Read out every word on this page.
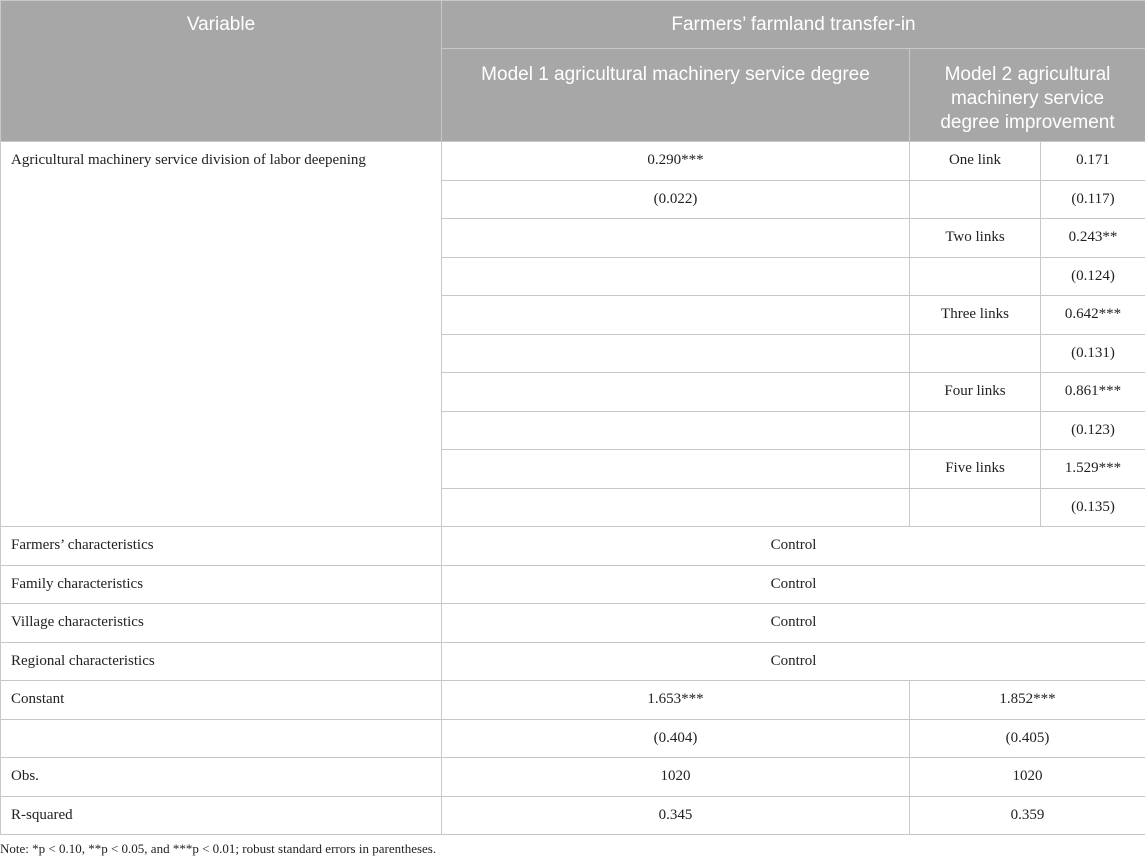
Variable	Farmers’ farmland transfer-in		
	Model 1 agricultural machinery service degree	Model 2 agricultural machinery service degree improvement	
Agricultural machinery service division of labor deepening	0.290***	One link	0.171
	(0.022)		(0.117)
		Two links	0.243**
			(0.124)
		Three links	0.642***
			(0.131)
		Four links	0.861***
			(0.123)
		Five links	1.529***
			(0.135)
Farmers’ characteristics	Control		
Family characteristics	Control		
Village characteristics	Control		
Regional characteristics	Control		
Constant	1.653***	1.852***	
	(0.404)	(0.405)	
Obs.	1020	1020	
R-squared	0.345	0.359	
Note: *p < 0.10, **p < 0.05, and ***p < 0.01; robust standard errors in parentheses.
